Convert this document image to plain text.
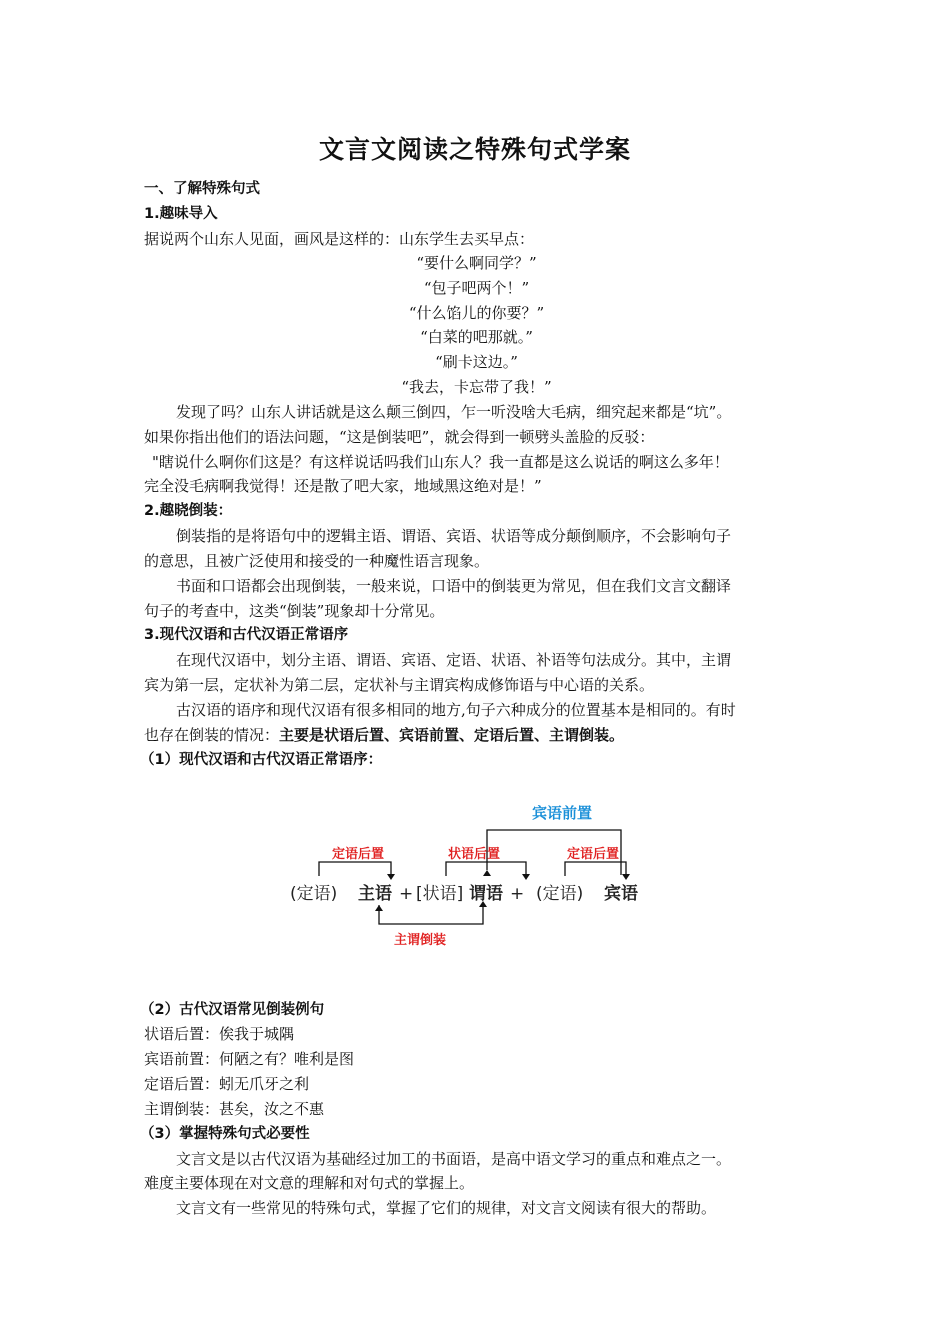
文言文阅读之特殊句式学案
一、了解特殊句式
1.趣味导入
据说两个山东人见面，画风是这样的：山东学生去买早点：
“要什么啊同学？”
“包子吧两个！”
“什么馅儿的你要？”
“白菜的吧那就。”
“刷卡这边。”
“我去，卡忘带了我！”
发现了吗？山东人讲话就是这么颠三倒四，乍一听没啥大毛病，细究起来都是“坑”。
如果你指出他们的语法问题，“这是倒装吧”，就会得到一顿劈头盖脸的反驳：
"瞎说什么啊你们这是？有这样说话吗我们山东人？我一直都是这么说话的啊这么多年！
完全没毛病啊我觉得！还是散了吧大家，地域黑这绝对是！”
2.趣晓倒装：
倒装指的是将语句中的逻辑主语、谓语、宾语、状语等成分颠倒顺序，不会影响句子
的意思，且被广泛使用和接受的一种魔性语言现象。
书面和口语都会出现倒装，一般来说，口语中的倒装更为常见，但在我们文言文翻译
句子的考查中，这类“倒装”现象却十分常见。
3.现代汉语和古代汉语正常语序
在现代汉语中，划分主语、谓语、宾语、定语、状语、补语等句法成分。其中，主谓
宾为第一层，定状补为第二层，定状补与主谓宾构成修饰语与中心语的关系。
古汉语的语序和现代汉语有很多相同的地方,句子六种成分的位置基本是相同的。有时
也存在倒装的情况：主要是状语后置、宾语前置、定语后置、主谓倒装。
（1）现代汉语和古代汉语正常语序：
宾语前置
定语后置	状语后置	定语后置
主谓倒装
(定语) 主语 + [状语] 谓语 + (定语) 宾语
（2）古代汉语常见倒装例句
状语后置：俟我于城隅
宾语前置：何陋之有？唯利是图
定语后置：蚓无爪牙之利
主谓倒装：甚矣，汝之不惠
（3）掌握特殊句式必要性
文言文是以古代汉语为基础经过加工的书面语，是高中语文学习的重点和难点之一。
难度主要体现在对文意的理解和对句式的掌握上。
文言文有一些常见的特殊句式，掌握了它们的规律，对文言文阅读有很大的帮助。
